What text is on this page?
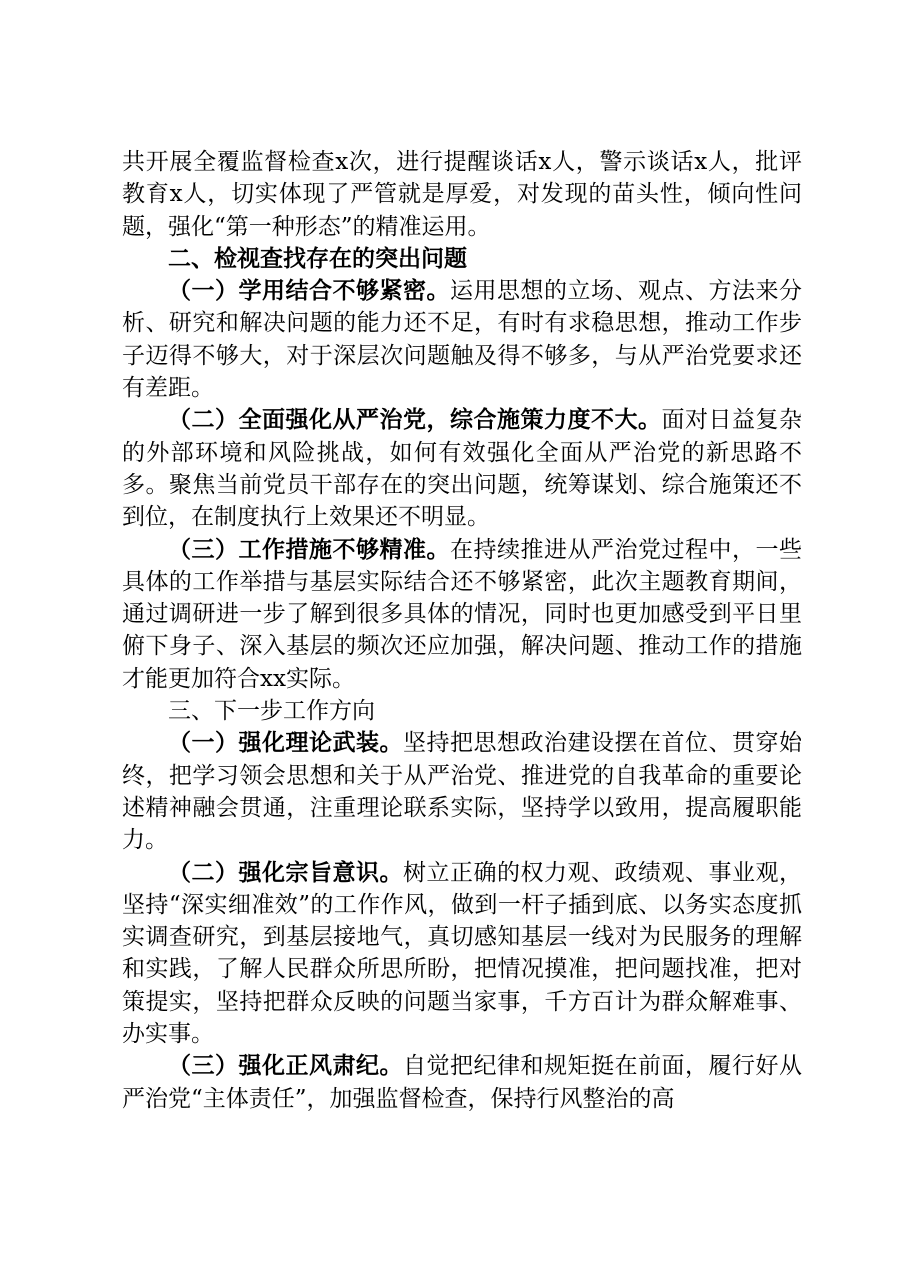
共开展全覆监督检查x次，进行提醒谈话x人，警示谈话x人，批评教育x人，切实体现了严管就是厚爱，对发现的苗头性，倾向性问题，强化“第一种形态”的精准运用。

二、检视查找存在的突出问题

（一）学用结合不够紧密。运用思想的立场、观点、方法来分析、研究和解决问题的能力还不足，有时有求稳思想，推动工作步子迈得不够大，对于深层次问题触及得不够多，与从严治党要求还有差距。

（二）全面强化从严治党，综合施策力度不大。面对日益复杂的外部环境和风险挑战，如何有效强化全面从严治党的新思路不多。聚焦当前党员干部存在的突出问题，统筹谋划、综合施策还不到位，在制度执行上效果还不明显。

（三）工作措施不够精准。在持续推进从严治党过程中，一些具体的工作举措与基层实际结合还不够紧密，此次主题教育期间，通过调研进一步了解到很多具体的情况，同时也更加感受到平日里俯下身子、深入基层的频次还应加强，解决问题、推动工作的措施才能更加符合xx实际。

三、下一步工作方向

（一）强化理论武装。坚持把思想政治建设摆在首位、贯穿始终，把学习领会思想和关于从严治党、推进党的自我革命的重要论述精神融会贯通，注重理论联系实际，坚持学以致用，提高履职能力。

（二）强化宗旨意识。树立正确的权力观、政绩观、事业观，坚持“深实细准效”的工作作风，做到一杆子插到底、以务实态度抓实调查研究，到基层接地气，真切感知基层一线对为民服务的理解和实践，了解人民群众所思所盼，把情况摸准，把问题找准，把对策提实，坚持把群众反映的问题当家事，千方百计为群众解难事、办实事。

（三）强化正风肃纪。自觉把纪律和规矩挺在前面，履行好从严治党“主体责任”，加强监督检查，保持行风整治的高
